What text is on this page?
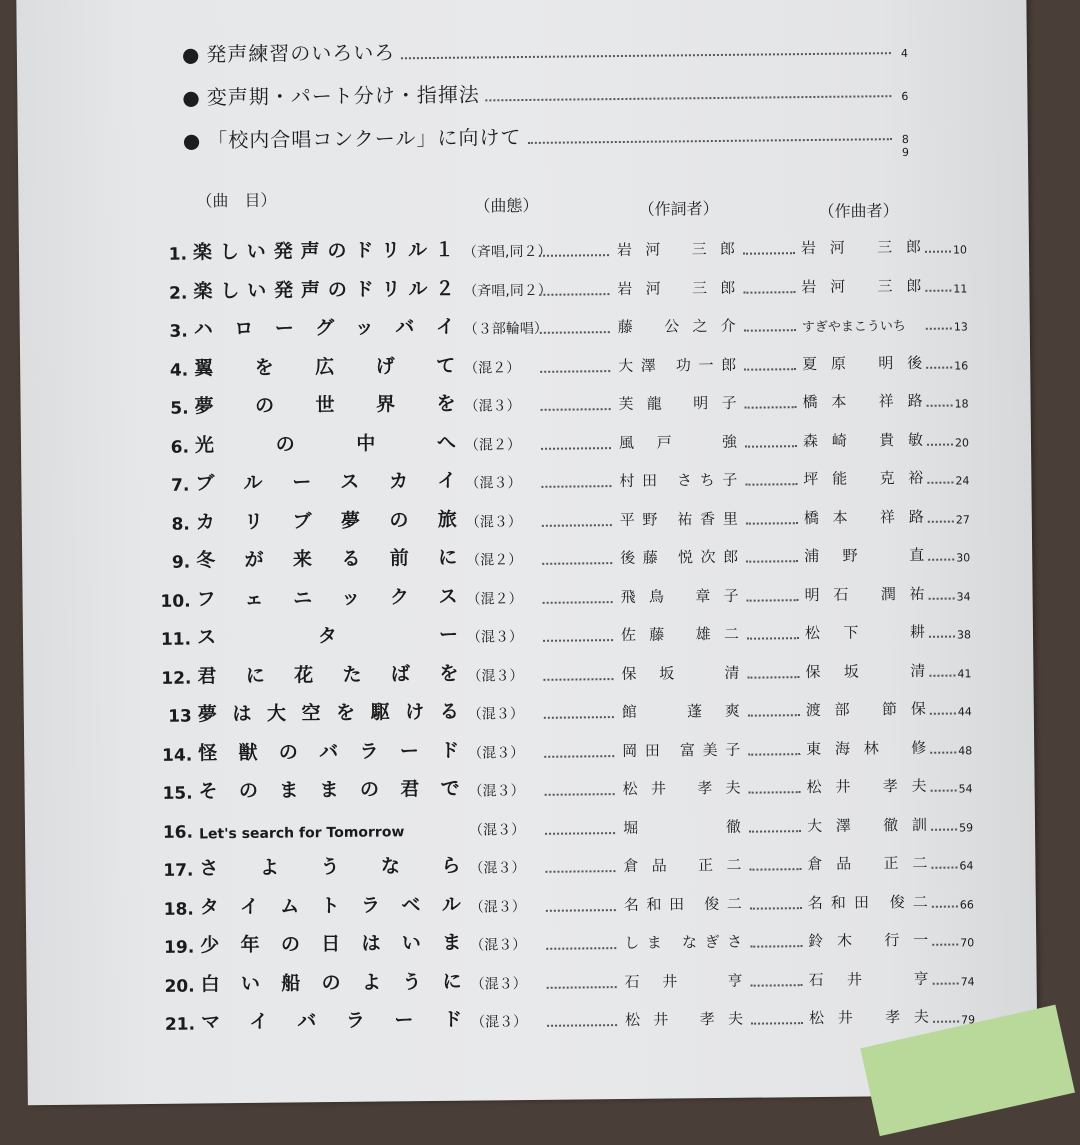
● 発声練習のいろいろ	4
● 変声期・パート分け・指揮法	6
● 「校内合唱コンクール」に向けて	8
9
（曲　目）	（曲態）	（作詞者）	（作曲者）
1. 楽しい発声のドリル１ （斉唱,同２）	岩河 三郎	岩河 三郎	10
2. 楽しい発声のドリル２ （斉唱,同２）	岩河 三郎	岩河 三郎	11
3. ハローグッバイ （３部輪唱）	藤 公之介	すぎやまこういち	13
4. 翼を広げて （混２）	大澤 功一郎	夏原 明後	16
5. 夢の世界を （混３）	芙龍 明子	橋本 祥路	18
6. 光の中へ （混２）	風戸 強	森崎 貴敏	20
7. ブルースカイ （混３）	村田 さち子	坪能 克裕	24
8. カリブ夢の旅 （混３）	平野 祐香里	橋本 祥路	27
9. 冬が来る前に （混２）	後藤 悦次郎	浦野 直	30
10. フェニックス （混２）	飛鳥 章子	明石 潤祐	34
11. スター （混３）	佐藤 雄二	松下 耕	38
12. 君に花たばを （混３）	保坂 清	保坂 清	41
13 夢は大空を駆ける （混３）	館 蓬爽	渡部 節保	44
14. 怪獣のバラード （混３）	岡田 富美子	東海林 修	48
15. そのままの君で （混３）	松井 孝夫	松井 孝夫	54
16. Let's search for Tomorrow	（混３）	堀 徹	大澤 徹訓	59
17. さようなら （混３）	倉品 正二	倉品 正二	64
18. タイムトラベル （混３）	名和田 俊二	名和田 俊二	66
19. 少年の日はいま （混３）	しま なぎさ	鈴木 行一	70
20. 白い船のように （混３）	石井 亨	石井 亨	74
21. マイバラード （混３）	松井 孝夫	松井 孝夫	79
